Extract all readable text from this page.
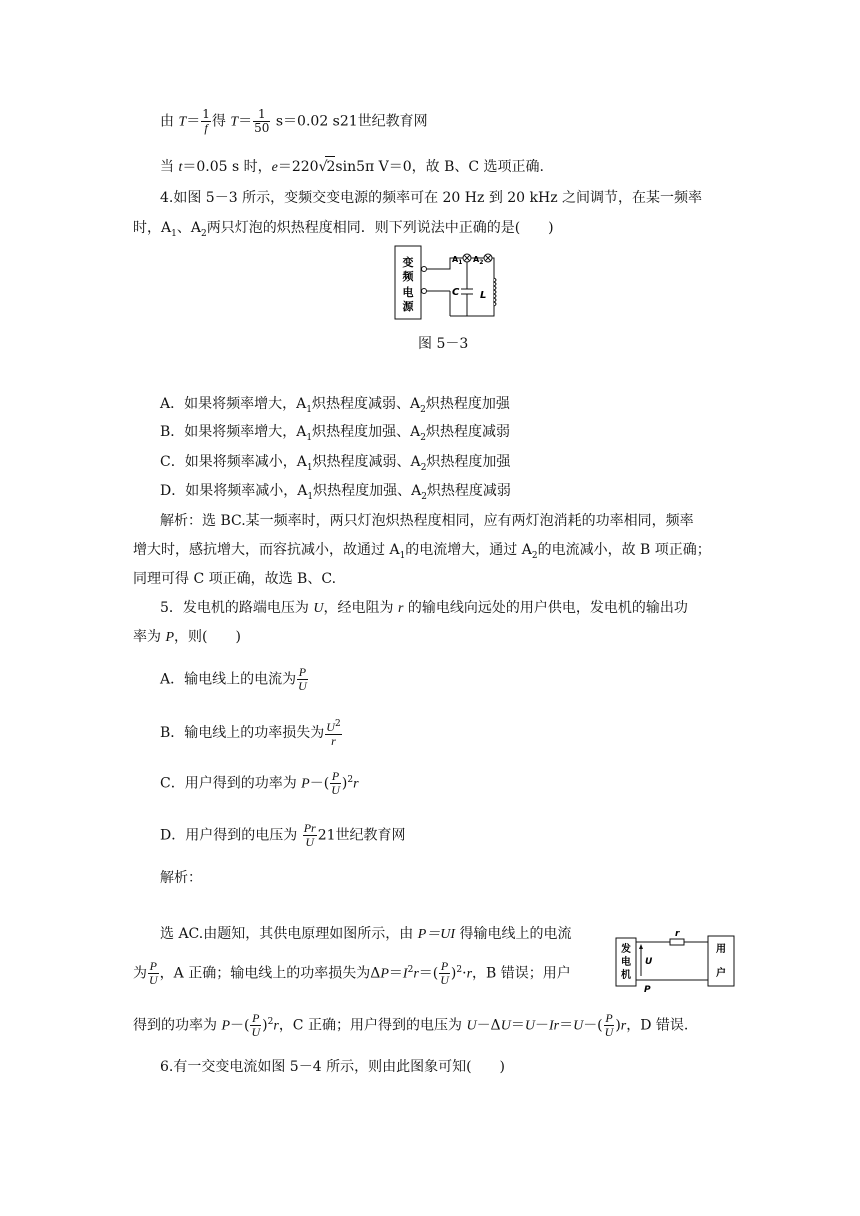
由 $T= \frac{1}{f}$ 得 $T= \frac{1}{50} s=0.02$ s21世纪教育网
当 t＝0.05 s 时，e＝220√2sin5π V＝0，故 B、C 选项正确.
4.如图 5－3 所示，变频交变电源的频率可在 20 Hz 到 20 kHz 之间调节，在某一频率
时，$A_1$、$A_2$两只灯泡的炽热程度相同．则下列说法中正确的是(　　)
变
频
电
源
$A_1$ $A_2$
C L
图 5－3
A．如果将频率增大，$A_1$炽热程度减弱、$A_2$炽热程度加强
B．如果将频率增大，$A_1$炽热程度加强、$A_2$炽热程度减弱
C．如果将频率减小，$A_1$炽热程度减弱、$A_2$炽热程度加强
D．如果将频率减小，$A_1$炽热程度加强、$A_2$炽热程度减弱
解析：选 BC.某一频率时，两只灯泡炽热程度相同，应有两灯泡消耗的功率相同，频率
增大时，感抗增大，而容抗减小，故通过 $A_1$的电流增大，通过 $A_2$的电流减小，故 B 项正确；
同理可得 C 项正确，故选 B、C.
5．发电机的路端电压为 U，经电阻为 r 的输电线向远处的用户供电，发电机的输出功
率为 P，则(　　)
A．输电线上的电流为 $\frac{P}{U}$
B．输电线上的功率损失为 $\frac{U^2}{r}$
C．用户得到的功率为 $P-( \frac{P}{U} )^2r$
D．用户得到的电压为 $\frac{Pr}{U} 21$世纪教育网
解析：
选 AC.由题知，其供电原理如图所示，由 P＝UI 得输电线上的电流
为 $\frac{P}{U}$ ，A 正确；输电线上的功率损失为$\Delta P=I^2r=( \frac{P}{U} )^2\cdot r$，B 错误；用户
得到的功率为 $P-( \frac{P}{U} )^2r$，C 正确；用户得到的电压为 $U-\Delta U=U-Ir=U-( \frac{P}{U} )r$，D 错误.
发
电
机
用
户
r
U
P
6.有一交变电流如图 5－4 所示，则由此图象可知(　　)
